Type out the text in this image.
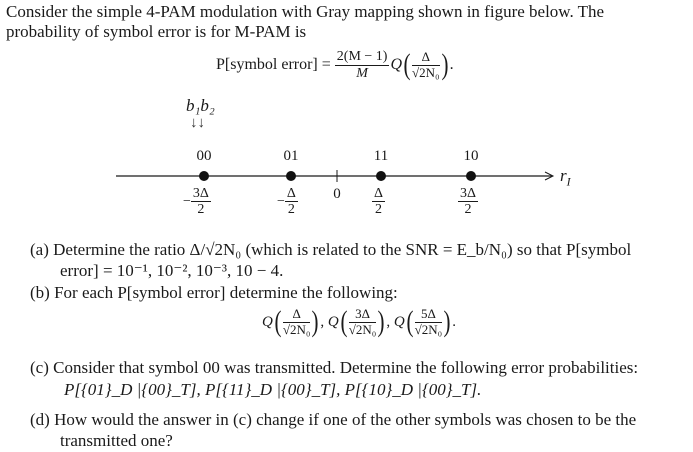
Consider the simple 4-PAM modulation with Gray mapping shown in figure below. The
probability of symbol error is for M-PAM is
P[symbol error] = $\frac{2(M - 1)}{M}$ Q ( $\frac{\Delta}{\text{√2N₀}}$ ) .
b₁b₂
↓↓
00	01	11	10
$r_I$
0
− $\frac{3\Delta}{2}$	− $\frac{\Delta}{2}$	$\frac{\Delta}{2}$	$\frac{3\Delta}{2}$
(a) Determine the ratio Δ/√2N₀ (which is related to the SNR = E_b/N₀) so that P[symbol
error] = 10⁻¹, 10⁻², 10⁻³, 10 − 4.
(b) For each P[symbol error] determine the following:
Q ( $\frac{\Delta}{\text{√2N₀}}$ ) , Q ( $\frac{3\Delta}{\text{√2N₀}}$ ) , Q ( $\frac{5\Delta}{\text{√2N₀}}$ ) .
(c) Consider that symbol 00 was transmitted. Determine the following error probabilities:
P[{01}_D |{00}_T], P[{11}_D |{00}_T], P[{10}_D |{00}_T].
(d) How would the answer in (c) change if one of the other symbols was chosen to be the
transmitted one?
